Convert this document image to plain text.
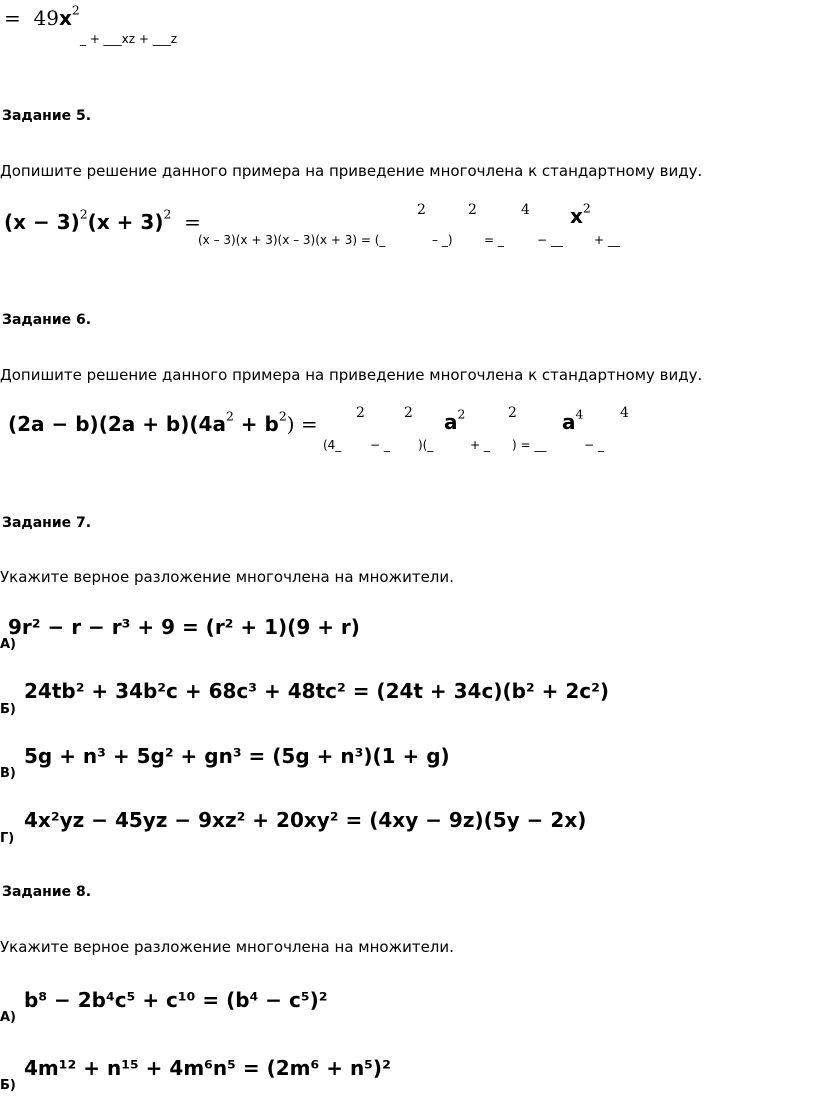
= $49x^2$
_ + ___xz + ___z
Задание 5.
Допишите решение данного примера на приведение многочлена к стандартному виду.
$(x - 3)^2(x + 3)^2$ =	2	2	4 $x^2$
(x – 3)(x + 3)(x – 3)(x + 3) = (_	– _)	= _	− __	+ __
Задание 6.
Допишите решение данного примера на приведение многочлена к стандартному виду.
$(2a - b)(2a + b)(4a^2 + b^2)$ =	2	2 $a^2$	2 $a^4$	4
(4_ − _ )(_	+ _ ) = __	− _
Задание 7.
Укажите верное разложение многочлена на множители.
9r² − r − r³ + 9 = (r² + 1)(9 + r)
А)
24tb² + 34b²c + 68c³ + 48tc² = (24t + 34c)(b² + 2c²)
Б)
5g + n³ + 5g² + gn³ = (5g + n³)(1 + g)
В)
4x²yz − 45yz − 9xz² + 20xy² = (4xy − 9z)(5y − 2x)
Г)
Задание 8.
Укажите верное разложение многочлена на множители.
b⁸ − 2b⁴c⁵ + c¹⁰ = (b⁴ − c⁵)²
А)
4m¹² + n¹⁵ + 4m⁶n⁵ = (2m⁶ + n⁵)²
Б)
